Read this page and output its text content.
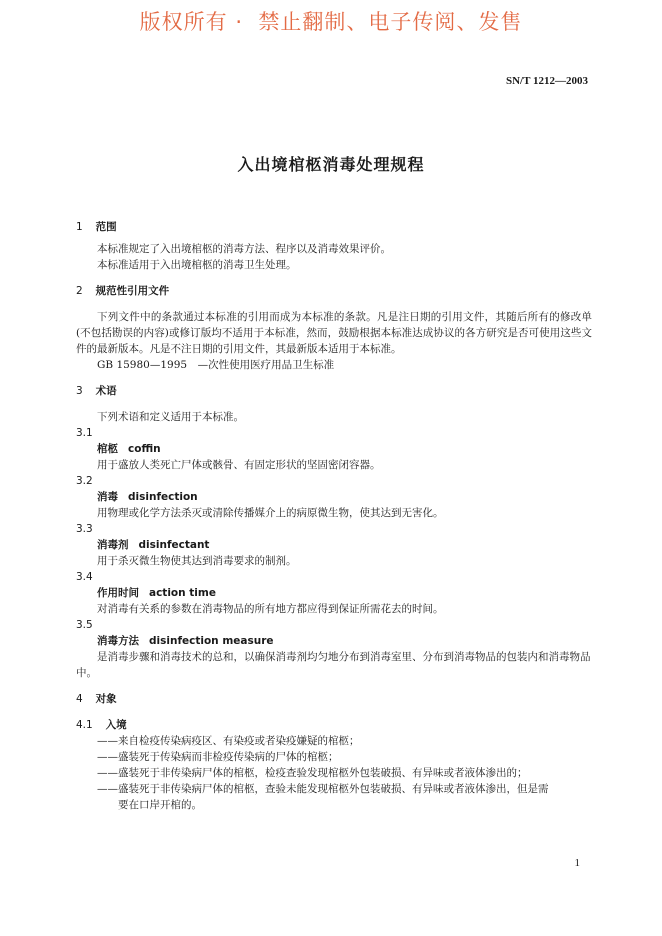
版权所有 ·  禁止翻制、电子传阅、发售
SN/T 1212—2003
入出境棺柩消毒处理规程
1 范围
本标准规定了入出境棺柩的消毒方法、程序以及消毒效果评价。
本标准适用于入出境棺柩的消毒卫生处理。
2 规范性引用文件
下列文件中的条款通过本标准的引用而成为本标准的条款。凡是注日期的引用文件，其随后所有的修改单(不包括勘误的内容)或修订版均不适用于本标准，然而，鼓励根据本标准达成协议的各方研究是否可使用这些文件的最新版本。凡是不注日期的引用文件，其最新版本适用于本标准。
GB 15980—1995　—次性使用医疗用品卫生标准
3 术语
下列术语和定义适用于本标准。
3.1
棺柩 coffin
用于盛放人类死亡尸体或骸骨、有固定形状的坚固密闭容器。
3.2
消毒 disinfection
用物理或化学方法杀灭或清除传播媒介上的病原微生物，使其达到无害化。
3.3
消毒剂 disinfectant
用于杀灭微生物使其达到消毒要求的制剂。
3.4
作用时间 action time
对消毒有关系的参数在消毒物品的所有地方都应得到保证所需花去的时间。
3.5
消毒方法 disinfection measure
是消毒步骤和消毒技术的总和，以确保消毒剂均匀地分布到消毒室里、分布到消毒物品的包装内和消毒物品中。
4 对象
4.1 入境
——来自检疫传染病疫区、有染疫或者染疫嫌疑的棺柩；
——盛装死于传染病而非检疫传染病的尸体的棺柩；
——盛装死于非传染病尸体的棺柩，检疫查验发现棺柩外包装破损、有异味或者液体渗出的；
——盛装死于非传染病尸体的棺柩，查验未能发现棺柩外包装破损、有异味或者液体渗出，但是需
要在口岸开棺的。
1
